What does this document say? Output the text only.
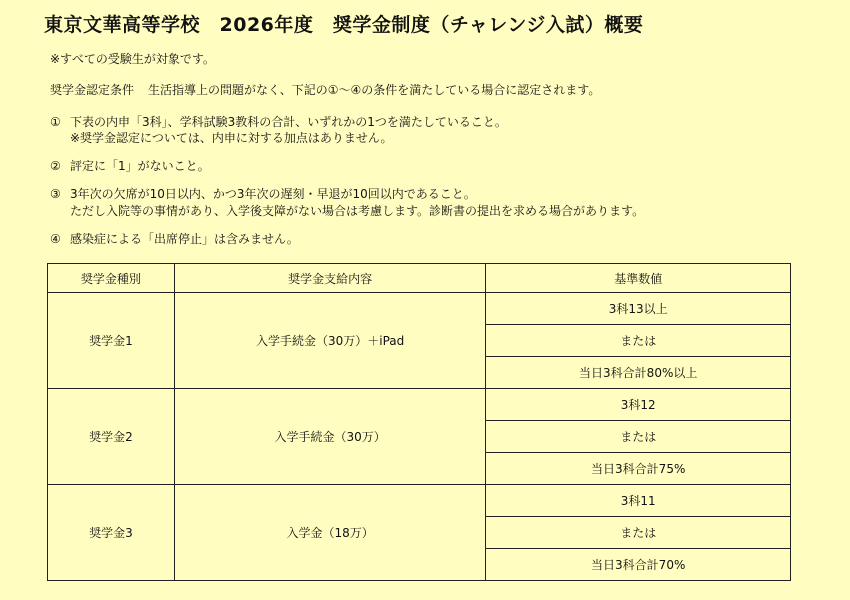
東京文華高等学校　2026年度　奨学金制度（チャレンジ入試）概要
※すべての受験生が対象です。
奨学金認定条件 生活指導上の問題がなく、下記の①～④の条件を満たしている場合に認定されます。
① 下表の内申「3科」、学科試験3教科の合計、いずれかの1つを満たしていること。
※奨学金認定については、内申に対する加点はありません。
② 評定に「1」がないこと。
③ 3年次の欠席が10日以内、かつ3年次の遅刻・早退が10回以内であること。
ただし入院等の事情があり、入学後支障がない場合は考慮します。診断書の提出を求める場合があります。
④ 感染症による「出席停止」は含みません。
奨学金種別	奨学金支給内容	基準数値
奨学金1	入学手続金（30万）＋iPad	3科13以上
		または
		当日3科合計80%以上
奨学金2	入学手続金（30万）	3科12
		または
		当日3科合計75%
奨学金3	入学金（18万）	3科11
		または
		当日3科合計70%
